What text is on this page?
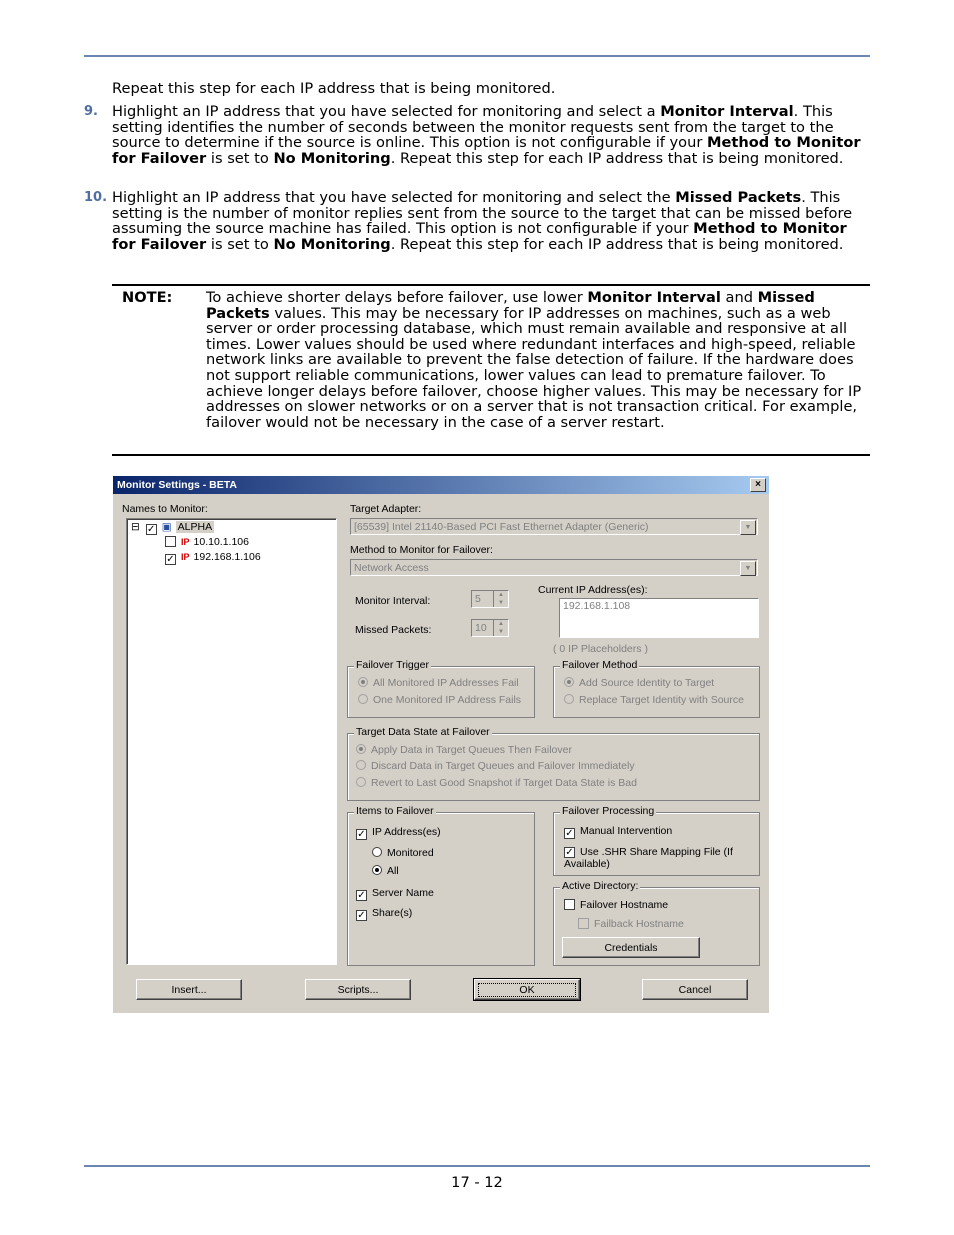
Repeat this step for each IP address that is being monitored.
9. Highlight an IP address that you have selected for monitoring and select a Monitor Interval. This setting identifies the number of seconds between the monitor requests sent from the target to the source to determine if the source is online. This option is not configurable if your Method to Monitor for Failover is set to No Monitoring. Repeat this step for each IP address that is being monitored.
10. Highlight an IP address that you have selected for monitoring and select the Missed Packets. This setting is the number of monitor replies sent from the source to the target that can be missed before assuming the source machine has failed. This option is not configurable if your Method to Monitor for Failover is set to No Monitoring. Repeat this step for each IP address that is being monitored.
NOTE: To achieve shorter delays before failover, use lower Monitor Interval and Missed Packets values. This may be necessary for IP addresses on machines, such as a web server or order processing database, which must remain available and responsive at all times. Lower values should be used where redundant interfaces and high-speed, reliable network links are available to prevent the false detection of failure. If the hardware does not support reliable communications, lower values can lead to premature failover. To achieve longer delays before failover, choose higher values. This may be necessary for IP addresses on slower networks or on a server that is not transaction critical. For example, failover would not be necessary in the case of a server restart.
Monitor Settings - BETA	×
Names to Monitor:
⊟ ✓ ▣ ALPHA
IP 10.10.1.106
✓ IP 192.168.1.106
Target Adapter:
[65539] Intel 21140-Based PCI Fast Ethernet Adapter (Generic)	▼
Method to Monitor for Failover:
Network Access	▼
Monitor Interval:	5	▲
▼
Missed Packets:	10	▲
▼
Current IP Address(es):
192.168.1.108
( 0 IP Placeholders )
Failover Trigger
All Monitored IP Addresses Fail
One Monitored IP Address Fails
Failover Method
Add Source Identity to Target
Replace Target Identity with Source
Target Data State at Failover
Apply Data in Target Queues Then Failover
Discard Data in Target Queues and Failover Immediately
Revert to Last Good Snapshot if Target Data State is Bad
Items to Failover
✓ IP Address(es)
Monitored
All
✓ Server Name
✓ Share(s)
Failover Processing
✓ Manual Intervention
✓ Use .SHR Share Mapping File (If Available)
Active Directory:
Failover Hostname
Failback Hostname
Credentials
Insert...	Scripts...	OK	Cancel
17 - 12
